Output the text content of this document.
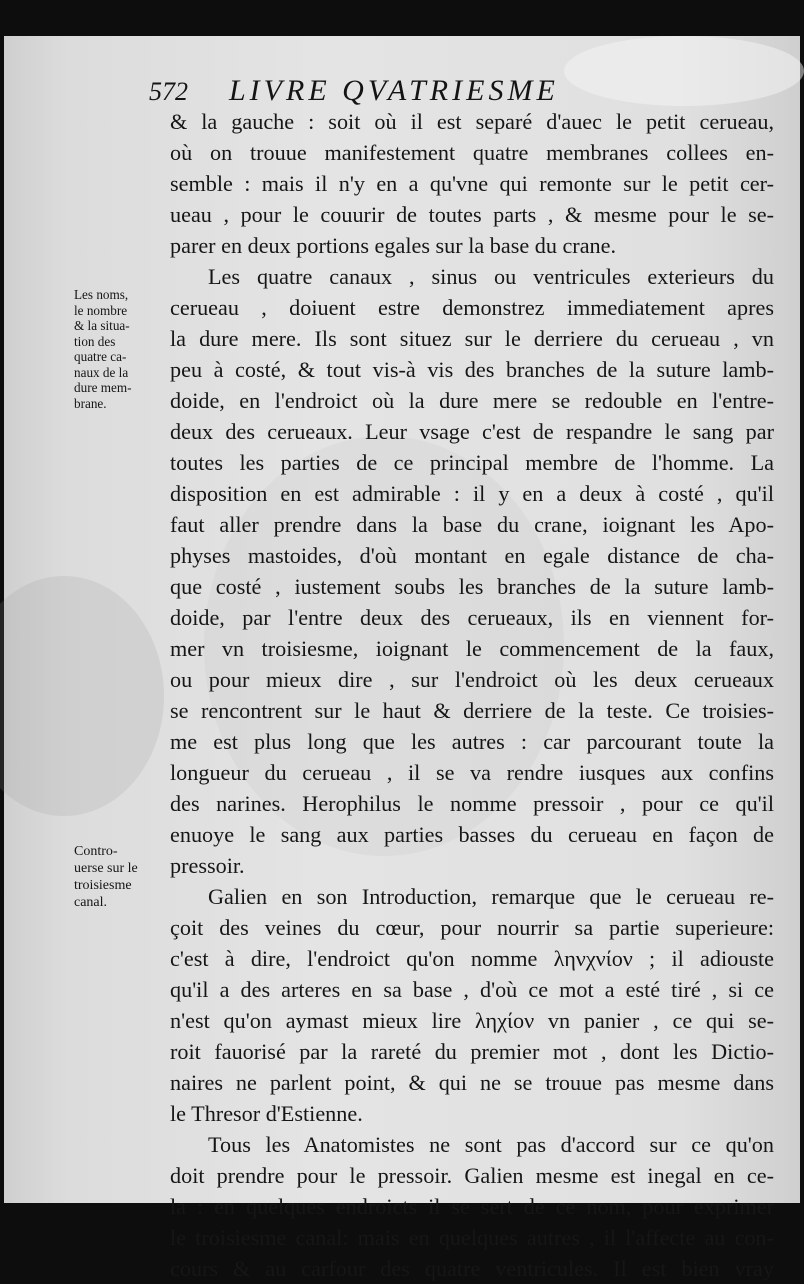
572	LIVRE QVATRIESME
Les noms,
le nombre
& la situa-
tion des
quatre ca-
naux de la
dure mem-
brane.
Contro-
uerse sur le
troisiesme
canal.
& la gauche : soit où il est separé d'auec le petit cerueau,
où on trouue manifestement quatre membranes collees en-
semble : mais il n'y en a qu'vne qui remonte sur le petit cer-
ueau , pour le couurir de toutes parts , & mesme pour le se-
parer en deux portions egales sur la base du crane.
Les quatre canaux , sinus ou ventricules exterieurs du
cerueau , doiuent estre demonstrez immediatement apres
la dure mere. Ils sont situez sur le derriere du cerueau , vn
peu à costé, & tout vis-à vis des branches de la suture lamb-
doide, en l'endroict où la dure mere se redouble en l'entre-
deux des cerueaux. Leur vsage c'est de respandre le sang par
toutes les parties de ce principal membre de l'homme. La
disposition en est admirable : il y en a deux à costé , qu'il
faut aller prendre dans la base du crane, ioignant les Apo-
physes mastoides, d'où montant en egale distance de cha-
que costé , iustement soubs les branches de la suture lamb-
doide, par l'entre deux des cerueaux, ils en viennent for-
mer vn troisiesme, ioignant le commencement de la faux,
ou pour mieux dire , sur l'endroict où les deux cerueaux
se rencontrent sur le haut & derriere de la teste. Ce troisies-
me est plus long que les autres : car parcourant toute la
longueur du cerueau , il se va rendre iusques aux confins
des narines. Herophilus le nomme pressoir , pour ce qu'il
enuoye le sang aux parties basses du cerueau en façon de
pressoir.
Galien en son Introduction, remarque que le cerueau re-
çoit des veines du cœur, pour nourrir sa partie superieure:
c'est à dire, l'endroict qu'on nomme ληνχνίον ; il adiouste
qu'il a des arteres en sa base , d'où ce mot a esté tiré , si ce
n'est qu'on aymast mieux lire ληχίον vn panier , ce qui se-
roit fauorisé par la rareté du premier mot , dont les Dictio-
naires ne parlent point, & qui ne se trouue pas mesme dans
le Thresor d'Estienne.
Tous les Anatomistes ne sont pas d'accord sur ce qu'on
doit prendre pour le pressoir. Galien mesme est inegal en ce-
la : en quelques endroicts il se sert de ce nom, pour exprimer
le troisiesme canal: mais en quelques autres , il l'affecte au con-
cours & au carfour des quatre ventricules. Il est bien vray
